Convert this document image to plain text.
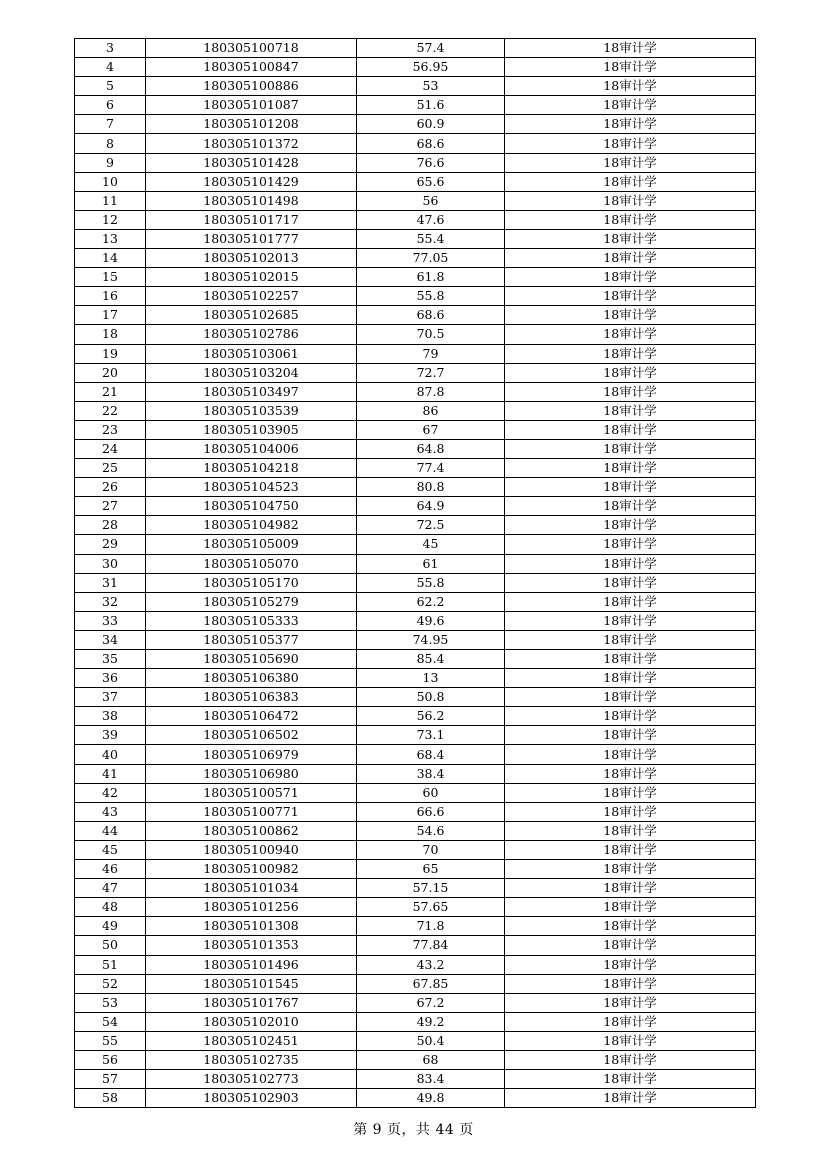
3	180305100718	57.4	18审计学
4	180305100847	56.95	18审计学
5	180305100886	53	18审计学
6	180305101087	51.6	18审计学
7	180305101208	60.9	18审计学
8	180305101372	68.6	18审计学
9	180305101428	76.6	18审计学
10	180305101429	65.6	18审计学
11	180305101498	56	18审计学
12	180305101717	47.6	18审计学
13	180305101777	55.4	18审计学
14	180305102013	77.05	18审计学
15	180305102015	61.8	18审计学
16	180305102257	55.8	18审计学
17	180305102685	68.6	18审计学
18	180305102786	70.5	18审计学
19	180305103061	79	18审计学
20	180305103204	72.7	18审计学
21	180305103497	87.8	18审计学
22	180305103539	86	18审计学
23	180305103905	67	18审计学
24	180305104006	64.8	18审计学
25	180305104218	77.4	18审计学
26	180305104523	80.8	18审计学
27	180305104750	64.9	18审计学
28	180305104982	72.5	18审计学
29	180305105009	45	18审计学
30	180305105070	61	18审计学
31	180305105170	55.8	18审计学
32	180305105279	62.2	18审计学
33	180305105333	49.6	18审计学
34	180305105377	74.95	18审计学
35	180305105690	85.4	18审计学
36	180305106380	13	18审计学
37	180305106383	50.8	18审计学
38	180305106472	56.2	18审计学
39	180305106502	73.1	18审计学
40	180305106979	68.4	18审计学
41	180305106980	38.4	18审计学
42	180305100571	60	18审计学
43	180305100771	66.6	18审计学
44	180305100862	54.6	18审计学
45	180305100940	70	18审计学
46	180305100982	65	18审计学
47	180305101034	57.15	18审计学
48	180305101256	57.65	18审计学
49	180305101308	71.8	18审计学
50	180305101353	77.84	18审计学
51	180305101496	43.2	18审计学
52	180305101545	67.85	18审计学
53	180305101767	67.2	18审计学
54	180305102010	49.2	18审计学
55	180305102451	50.4	18审计学
56	180305102735	68	18审计学
57	180305102773	83.4	18审计学
58	180305102903	49.8	18审计学
第 9 页，共 44 页
